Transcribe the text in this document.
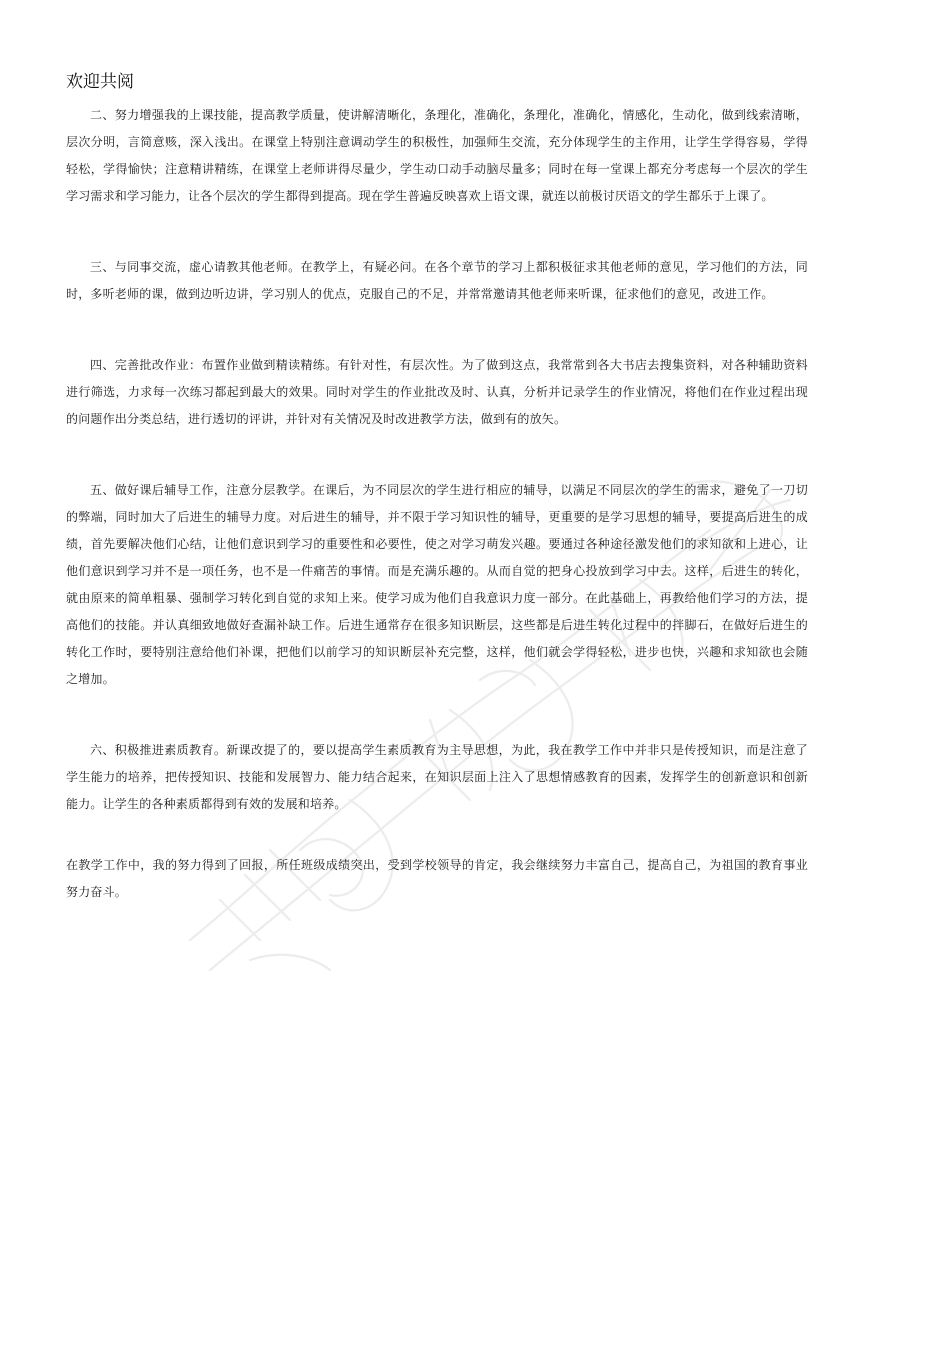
欢迎共阅

二、努力增强我的上课技能，提高教学质量，使讲解清晰化，条理化，准确化，条理化，准确化，情感化，生动化，做到线索清晰，层次分明，言简意赅，深入浅出。在课堂上特别注意调动学生的积极性，加强师生交流，充分体现学生的主作用，让学生学得容易，学得轻松，学得愉快；注意精讲精练，在课堂上老师讲得尽量少，学生动口动手动脑尽量多；同时在每一堂课上都充分考虑每一个层次的学生学习需求和学习能力，让各个层次的学生都得到提高。现在学生普遍反映喜欢上语文课，就连以前极讨厌语文的学生都乐于上课了。

三、与同事交流，虚心请教其他老师。在教学上，有疑必问。在各个章节的学习上都积极征求其他老师的意见，学习他们的方法，同时，多听老师的课，做到边听边讲，学习别人的优点，克服自己的不足，并常常邀请其他老师来听课，征求他们的意见，改进工作。

四、完善批改作业：布置作业做到精读精练。有针对性，有层次性。为了做到这点，我常常到各大书店去搜集资料，对各种辅助资料进行筛选，力求每一次练习都起到最大的效果。同时对学生的作业批改及时、认真，分析并记录学生的作业情况，将他们在作业过程出现的问题作出分类总结，进行透切的评讲，并针对有关情况及时改进教学方法，做到有的放矢。

五、做好课后辅导工作，注意分层教学。在课后，为不同层次的学生进行相应的辅导，以满足不同层次的学生的需求，避免了一刀切的弊端，同时加大了后进生的辅导力度。对后进生的辅导，并不限于学习知识性的辅导，更重要的是学习思想的辅导，要提高后进生的成绩，首先要解决他们心结，让他们意识到学习的重要性和必要性，使之对学习萌发兴趣。要通过各种途径激发他们的求知欲和上进心，让他们意识到学习并不是一项任务，也不是一件痛苦的事情。而是充满乐趣的。从而自觉的把身心投放到学习中去。这样，后进生的转化，就由原来的简单粗暴、强制学习转化到自觉的求知上来。使学习成为他们自我意识力度一部分。在此基础上，再教给他们学习的方法，提高他们的技能。并认真细致地做好查漏补缺工作。后进生通常存在很多知识断层，这些都是后进生转化过程中的拌脚石，在做好后进生的转化工作时，要特别注意给他们补课，把他们以前学习的知识断层补充完整，这样，他们就会学得轻松，进步也快，兴趣和求知欲也会随之增加。

六、积极推进素质教育。新课改提了的，要以提高学生素质教育为主导思想，为此，我在教学工作中并非只是传授知识，而是注意了学生能力的培养，把传授知识、技能和发展智力、能力结合起来，在知识层面上注入了思想情感教育的因素，发挥学生的创新意识和创新能力。让学生的各种素质都得到有效的发展和培养。

在教学工作中，我的努力得到了回报，所任班级成绩突出，受到学校领导的肯定，我会继续努力丰富自己，提高自己，为祖国的教育事业努力奋斗。
